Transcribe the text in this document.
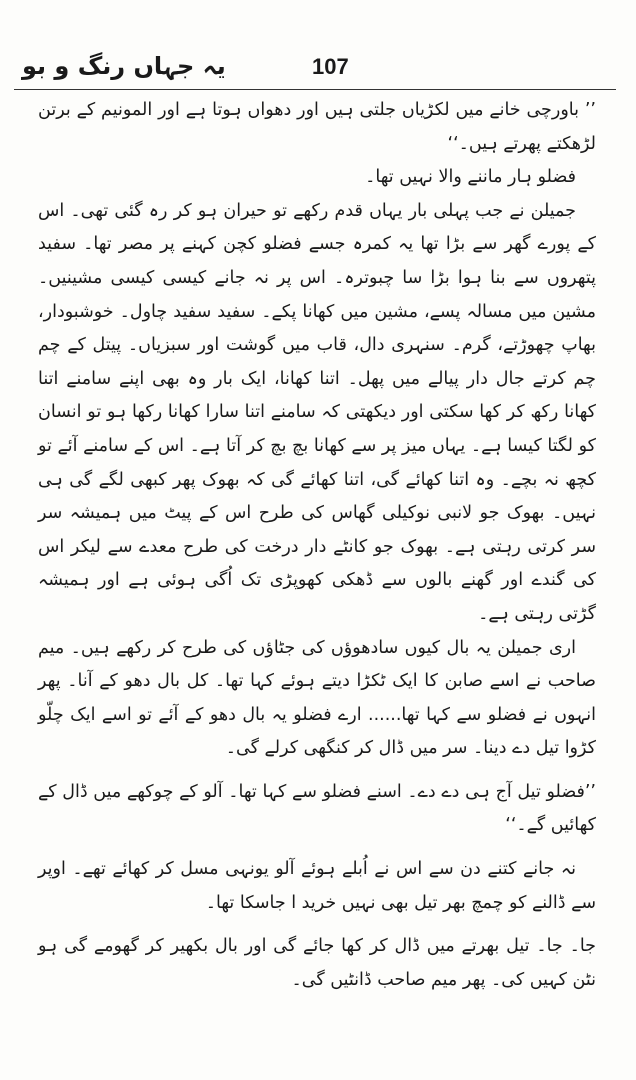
یہ جہاں رنگ و بو	107

’’ باورچی خانے میں لکڑیاں جلتی ہیں اور دھواں ہوتا ہے اور المونیم کے برتن لڑھکتے پھرتے ہیں۔‘‘

فضلو ہار ماننے والا نہیں تھا۔

جمیلن نے جب پہلی بار یہاں قدم رکھے تو حیران ہو کر رہ گئی تھی۔ اس کے پورے گھر سے بڑا تھا یہ کمرہ جسے فضلو کچن کہنے پر مصر تھا۔ سفید پتھروں سے بنا ہوا بڑا سا چبوترہ۔ اس پر نہ جانے کیسی کیسی مشینیں۔ مشین میں مسالہ پسے، مشین میں کھانا پکے۔ سفید سفید چاول۔ خوشبودار، بھاپ چھوڑتے، گرم۔ سنہری دال، قاب میں گوشت اور سبزیاں۔ پیتل کے چم چم کرتے جال دار پیالے میں پھل۔ اتنا کھانا، ایک بار وہ بھی اپنے سامنے اتنا کھانا رکھ کر کھا سکتی اور دیکھتی کہ سامنے اتنا سارا کھانا رکھا ہو تو انسان کو لگتا کیسا ہے۔ یہاں میز پر سے کھانا بچ بچ کر آتا ہے۔ اس کے سامنے آئے تو کچھ نہ بچے۔ وہ اتنا کھائے گی، اتنا کھائے گی کہ بھوک پھر کبھی لگے گی ہی نہیں۔ بھوک جو لانبی نوکیلی گھاس کی طرح اس کے پیٹ میں ہمیشہ سر سر کرتی رہتی ہے۔ بھوک جو کانٹے دار درخت کی طرح معدے سے لیکر اس کی گندے اور گھنے بالوں سے ڈھکی کھوپڑی تک اُگی ہوئی ہے اور ہمیشہ گڑتی رہتی ہے۔

اری جمیلن یہ بال کیوں سادھوؤں کی جٹاؤں کی طرح کر رکھے ہیں۔ میم صاحب نے اسے صابن کا ایک ٹکڑا دیتے ہوئے کہا تھا۔ کل بال دھو کے آنا۔ پھر انہوں نے فضلو سے کہا تھا...... ارے فضلو یہ بال دھو کے آئے تو اسے ایک چلّو کڑوا تیل دے دینا۔ سر میں ڈال کر کنگھی کرلے گی۔

’’فضلو تیل آج ہی دے دے۔ اسنے فضلو سے کہا تھا۔ آلو کے چوکھے میں ڈال کے کھائیں گے۔‘‘

نہ جانے کتنے دن سے اس نے اُبلے ہوئے آلو یونہی مسل کر کھائے تھے۔ اوپر سے ڈالنے کو چمچ بھر تیل بھی نہیں خرید ا جاسکا تھا۔

جا۔ جا۔ تیل بھرتے میں ڈال کر کھا جائے گی اور بال بکھیر کر گھومے گی ہو نٹن کہیں کی۔ پھر میم صاحب ڈانٹیں گی۔
